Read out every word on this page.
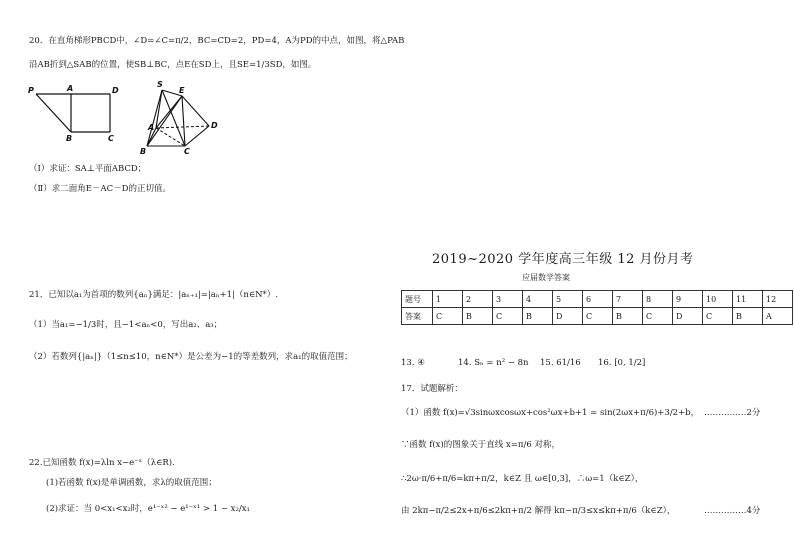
20．在直角梯形PBCD中，∠D=∠C=π/2，BC=CD=2，PD=4，A为PD的中点，如图，将△PAB
沿AB折到△SAB的位置，使SB⊥BC，点E在SD上，且SE=1/3SD，如图。
P	A	D
B	C
S
E
A	D
B	C
（Ⅰ）求证：SA⊥平面ABCD；
（Ⅱ）求二面角E－AC－D的正切值。
21．已知以a₁为首项的数列{aₙ}满足：|aₙ₊₁|=|aₙ+1|（n∈N*）.
（1）当a₁=−1/3时，且−1<aₙ<0，写出a₂、a₃；
（2）若数列{|aₙ|}（1≤n≤10，n∈N*）是公差为−1的等差数列，求a₁的取值范围；
22.已知函数 f(x)=λln x−e⁻ˣ（λ∈R).
(1)若函数 f(x)是单调函数，求λ的取值范围；
(2)求证：当 0<x₁<x₂时，e¹⁻ˣ² − e¹⁻ˣ¹ > 1 − x₂/x₁
2019~2020 学年度高三年级 12 月份月考
应届数学答案
题号	1	2	3	4	5	6	7	8	9	10	11	12
答案	C	B	C	B	D	C	B	C	D	C	B	A
13. ④	14. Sₙ = n² − 8n 15. 61/16 16. [0, 1/2]
17．试题解析：
（1）函数 f(x)=√3sinωxcosωx+cos²ωx+b+1 = sin(2ωx+π/6)+3/2+b， ……………2分
∵函数 f(x)的图象关于直线 x=π/6 对称，
∴2ω·π/6+π/6=kπ+π/2，k∈Z 且 ω∈[0,3]，∴ω=1（k∈Z），
由 2kπ−π/2≤2x+π/6≤2kπ+π/2 解得 kπ−π/3≤x≤kπ+π/6（k∈Z），	……………4分
